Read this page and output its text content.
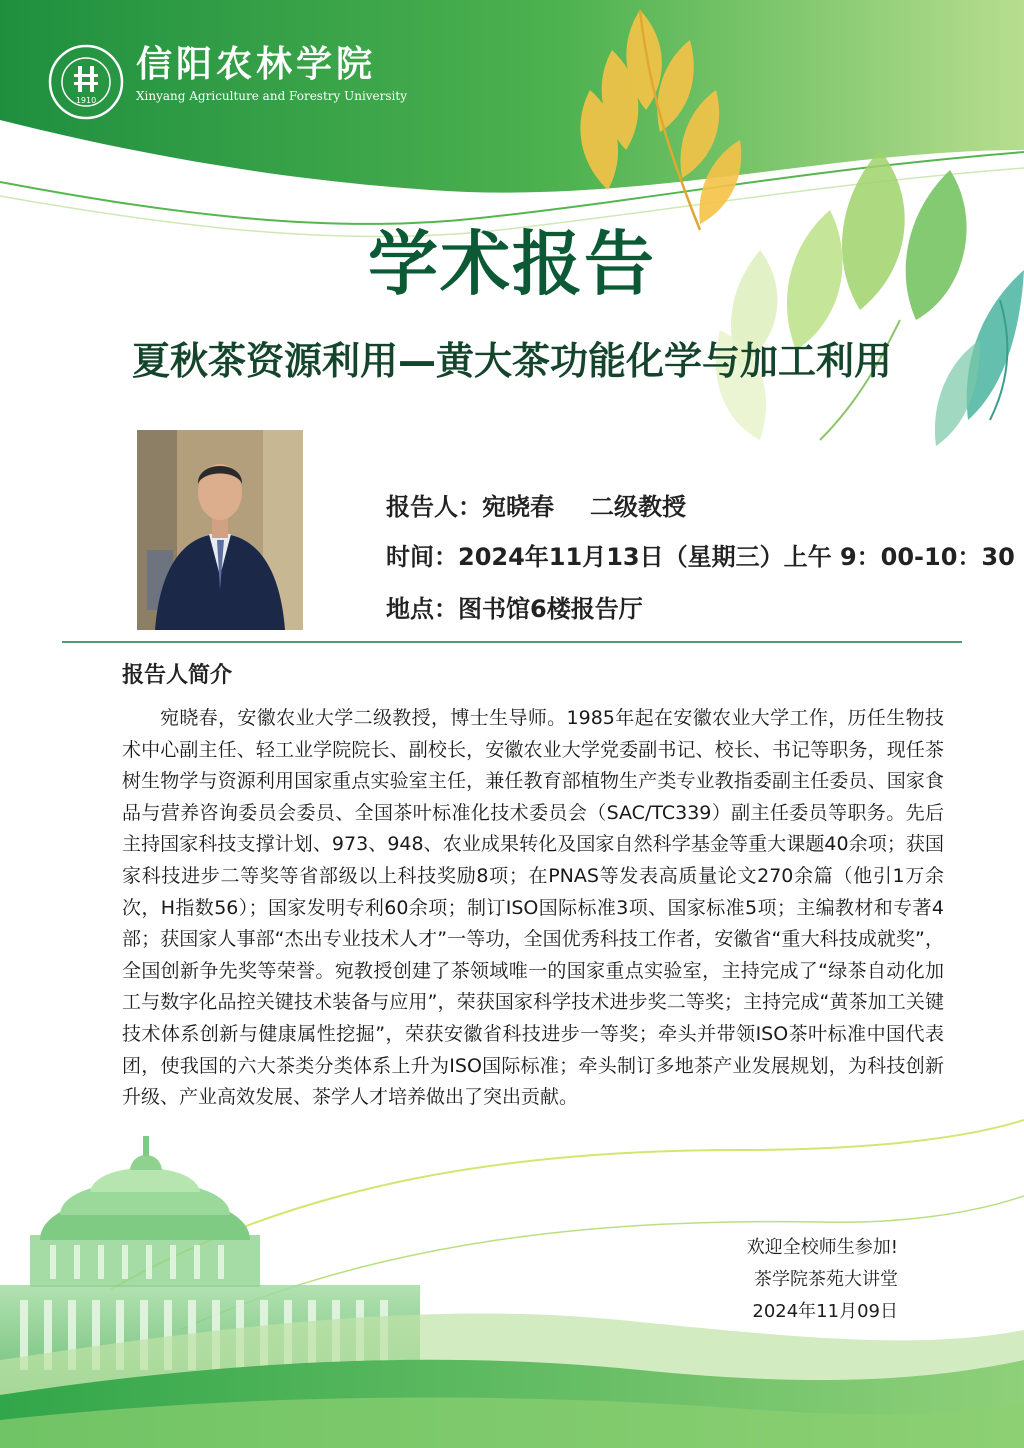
1910
信阳农林学院
Xinyang Agriculture and Forestry University
学术报告
夏秋茶资源利用—黄大茶功能化学与加工利用
报告人：宛晓春 二级教授
时间：2024年11月13日（星期三）上午 9：00-10：30
地点：图书馆6楼报告厅
报告人简介

宛晓春，安徽农业大学二级教授，博士生导师。1985年起在安徽农业大学工作，历任生物技术中心副主任、轻工业学院院长、副校长，安徽农业大学党委副书记、校长、书记等职务，现任茶树生物学与资源利用国家重点实验室主任，兼任教育部植物生产类专业教指委副主任委员、国家食品与营养咨询委员会委员、全国茶叶标准化技术委员会（SAC/TC339）副主任委员等职务。先后主持国家科技支撑计划、973、948、农业成果转化及国家自然科学基金等重大课题40余项；获国家科技进步二等奖等省部级以上科技奖励8项；在PNAS等发表高质量论文270余篇（他引1万余次，H指数56）；国家发明专利60余项；制订ISO国际标准3项、国家标准5项；主编教材和专著4部；获国家人事部“杰出专业技术人才”一等功，全国优秀科技工作者，安徽省“重大科技成就奖”，全国创新争先奖等荣誉。宛教授创建了茶领域唯一的国家重点实验室，主持完成了“绿茶自动化加工与数字化品控关键技术装备与应用”，荣获国家科学技术进步奖二等奖；主持完成“黄茶加工关键技术体系创新与健康属性挖掘”，荣获安徽省科技进步一等奖；牵头并带领ISO茶叶标准中国代表团，使我国的六大茶类分类体系上升为ISO国际标准；牵头制订多地茶产业发展规划，为科技创新升级、产业高效发展、茶学人才培养做出了突出贡献。

欢迎全校师生参加!
茶学院茶苑大讲堂
2024年11月09日
